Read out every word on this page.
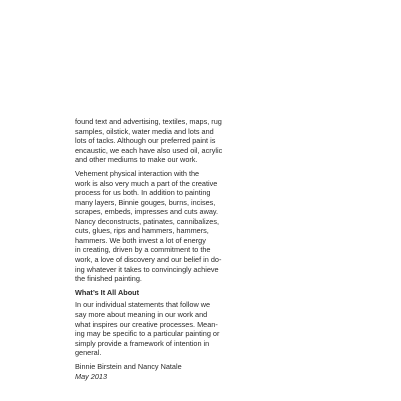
found text and advertising, textiles, maps, rug
samples, oilstick, water media and lots and
lots of tacks. Although our preferred paint is
encaustic, we each have also used oil, acrylic
and other mediums to make our work.
Vehement physical interaction with the
work is also very much a part of the creative
process for us both. In addition to painting
many layers, Binnie gouges, burns, incises,
scrapes, embeds, impresses and cuts away.
Nancy deconstructs, patinates, cannibalizes,
cuts, glues, rips and hammers, hammers,
hammers. We both invest a lot of energy
in creating, driven by a commitment to the
work, a love of discovery and our belief in do-
ing whatever it takes to convincingly achieve
the finished painting.
What’s It All About
In our individual statements that follow we
say more about meaning in our work and
what inspires our creative processes. Mean-
ing may be specific to a particular painting or
simply provide a framework of intention in
general.
Binnie Birstein and Nancy Natale
May 2013
